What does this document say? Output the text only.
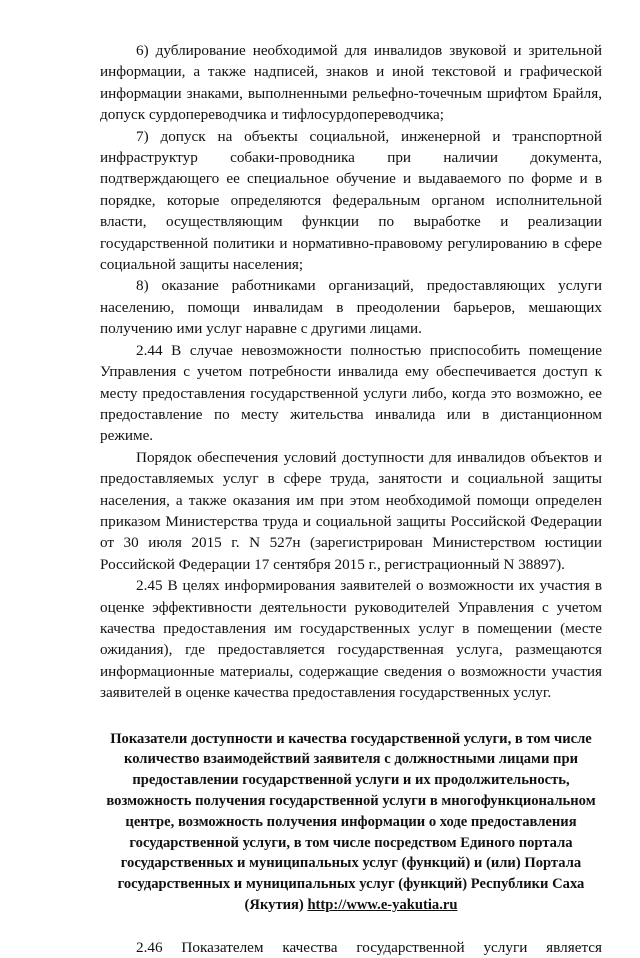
6) дублирование необходимой для инвалидов звуковой и зрительной информации, а также надписей, знаков и иной текстовой и графической информации знаками, выполненными рельефно-точечным шрифтом Брайля, допуск сурдопереводчика и тифлосурдопереводчика;

7) допуск на объекты социальной, инженерной и транспортной инфраструктур собаки-проводника при наличии документа, подтверждающего ее специальное обучение и выдаваемого по форме и в порядке, которые определяются федеральным органом исполнительной власти, осуществляющим функции по выработке и реализации государственной политики и нормативно-правовому регулированию в сфере социальной защиты населения;

8) оказание работниками организаций, предоставляющих услуги населению, помощи инвалидам в преодолении барьеров, мешающих получению ими услуг наравне с другими лицами.

2.44 В случае невозможности полностью приспособить помещение Управления с учетом потребности инвалида ему обеспечивается доступ к месту предоставления государственной услуги либо, когда это возможно, ее предоставление по месту жительства инвалида или в дистанционном режиме.

Порядок обеспечения условий доступности для инвалидов объектов и предоставляемых услуг в сфере труда, занятости и социальной защиты населения, а также оказания им при этом необходимой помощи определен приказом Министерства труда и социальной защиты Российской Федерации от 30 июля 2015 г. N 527н (зарегистрирован Министерством юстиции Российской Федерации 17 сентября 2015 г., регистрационный N 38897).

2.45 В целях информирования заявителей о возможности их участия в оценке эффективности деятельности руководителей Управления с учетом качества предоставления им государственных услуг в помещении (месте ожидания), где предоставляется государственная услуга, размещаются информационные материалы, содержащие сведения о возможности участия заявителей в оценке качества предоставления государственных услуг.

Показатели доступности и качества государственной услуги, в том числе количество взаимодействий заявителя с должностными лицами при предоставлении государственной услуги и их продолжительность, возможность получения государственной услуги в многофункциональном центре, возможность получения информации о ходе предоставления государственной услуги, в том числе посредством Единого портала государственных и муниципальных услуг (функций) и (или) Портала государственных и муниципальных услуг (функций) Республики Саха (Якутия) http://www.e-yakutia.ru

2.46 Показателем качества государственной услуги является
